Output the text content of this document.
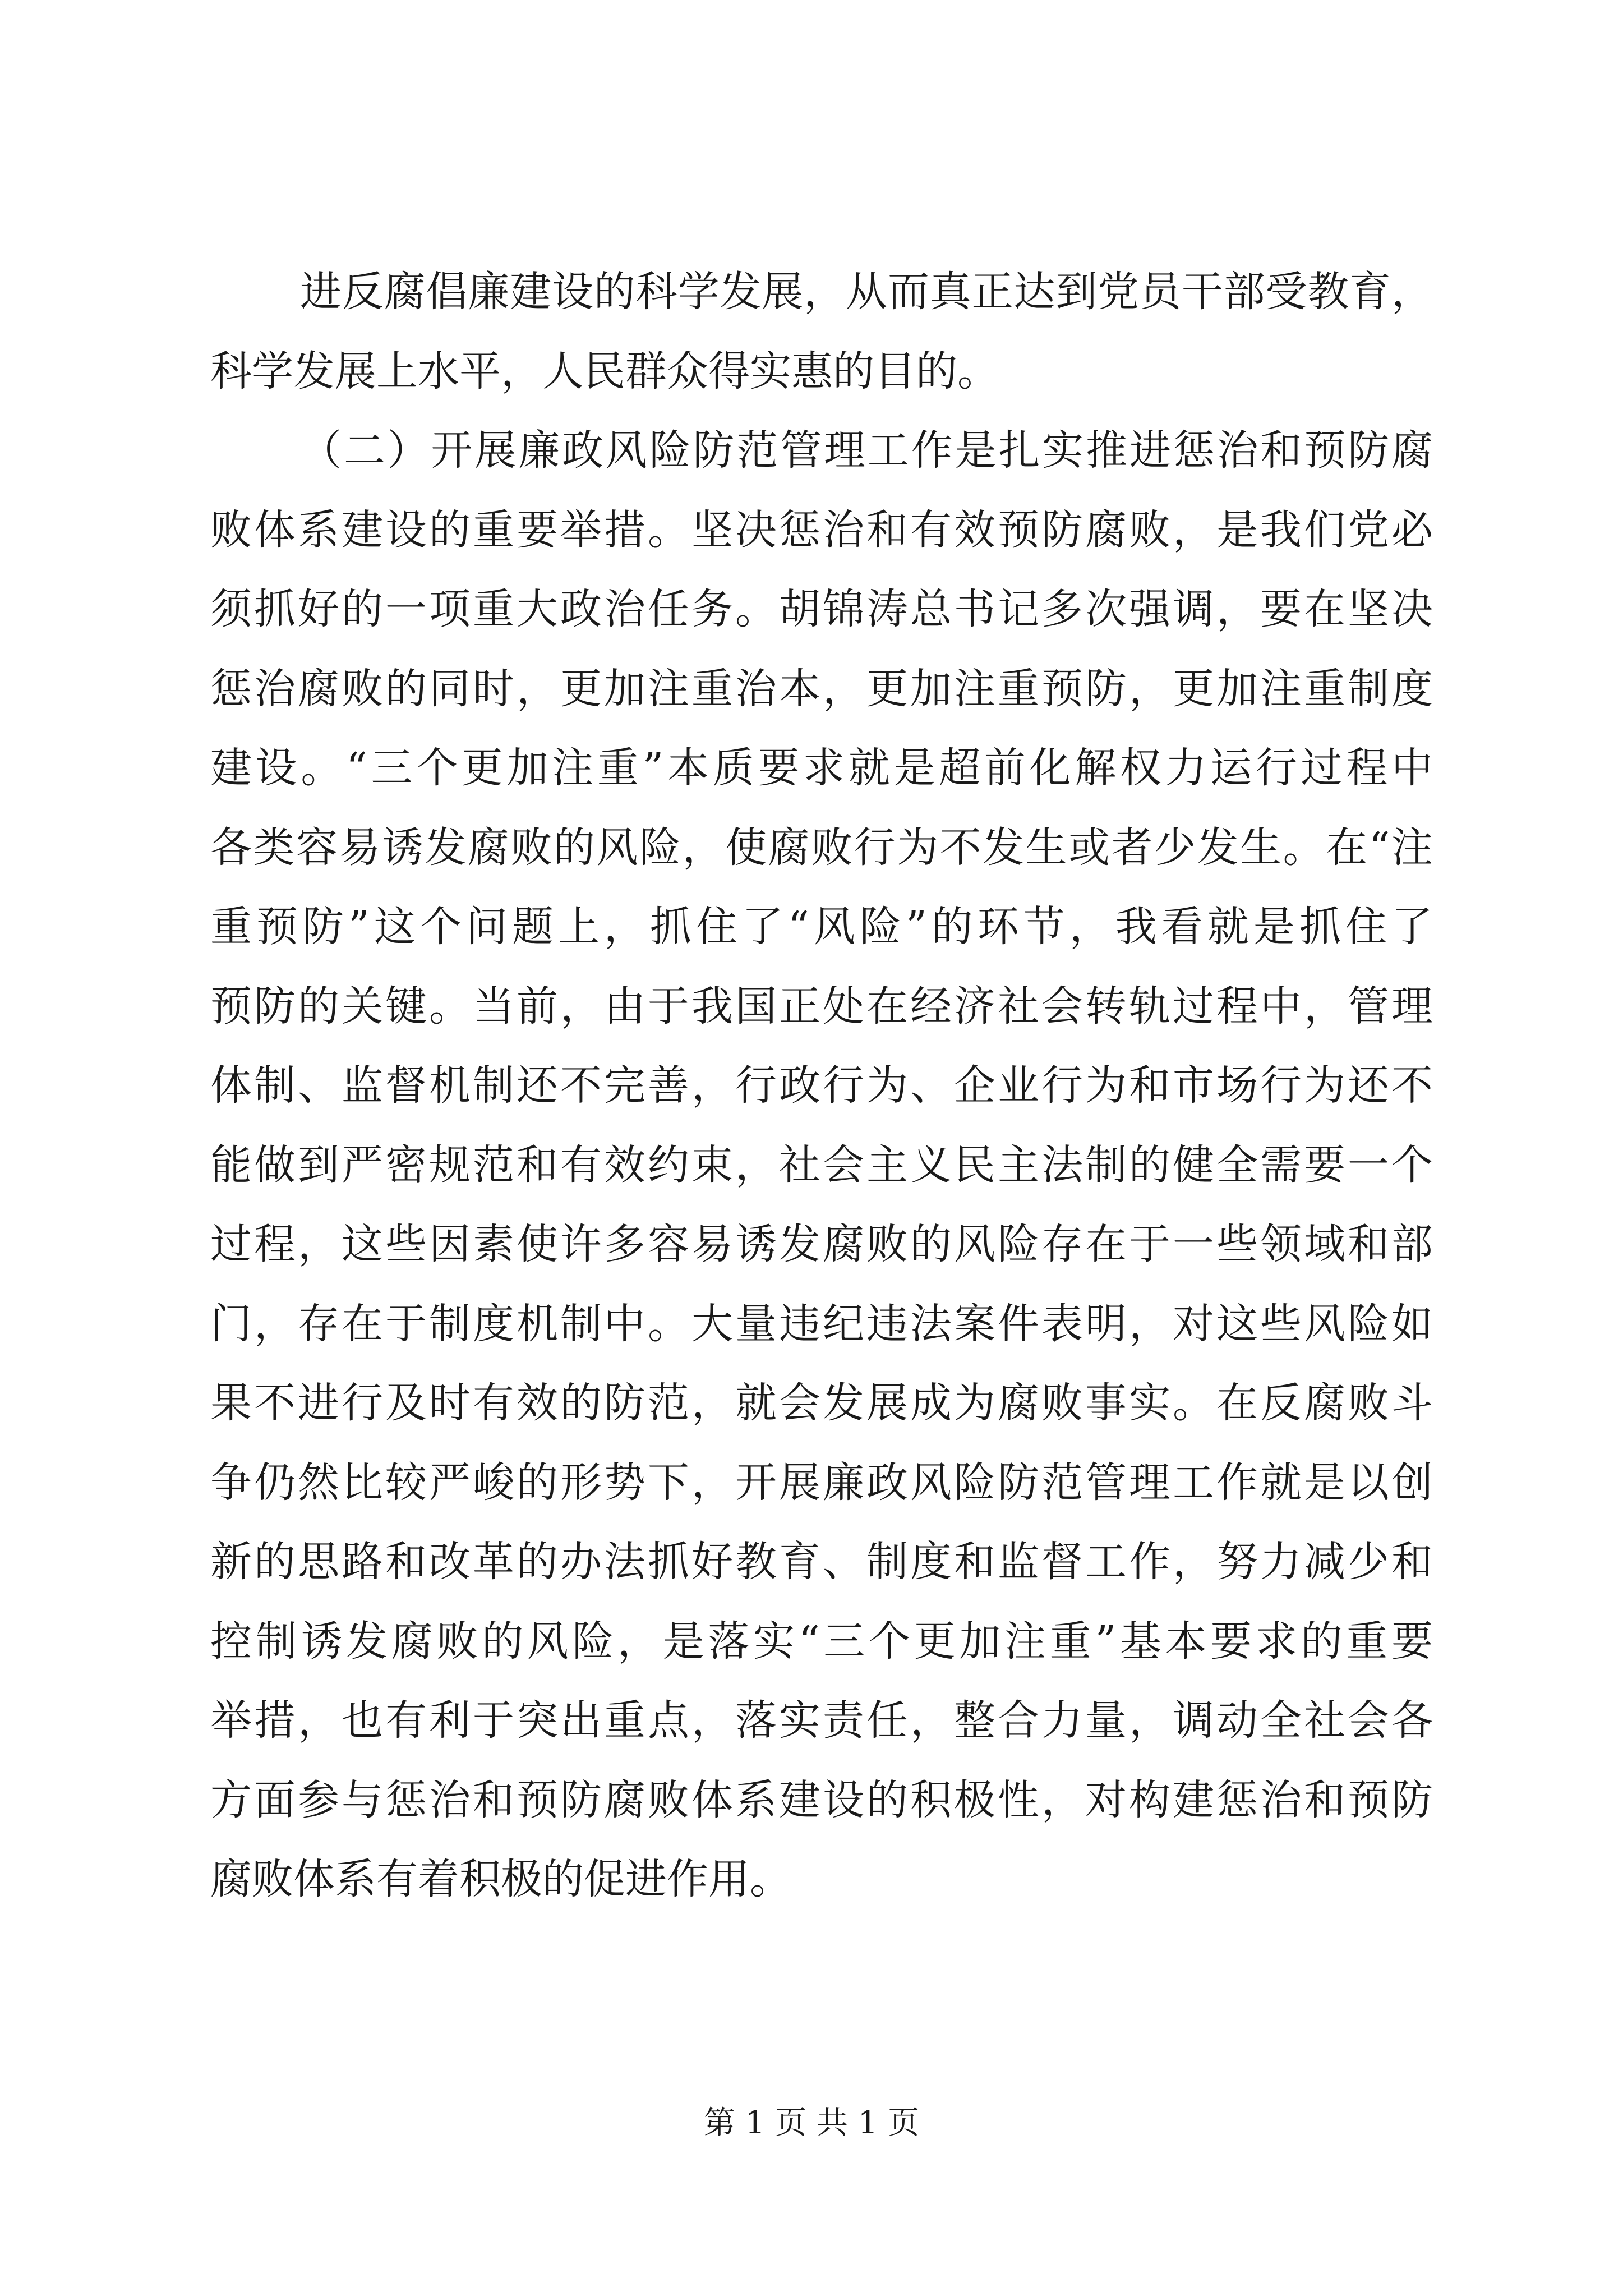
进反腐倡廉建设的科学发展，从而真正达到党员干部受教育，
科学发展上水平，人民群众得实惠的目的。
（二）开展廉政风险防范管理工作是扎实推进惩治和预防腐
败体系建设的重要举措。坚决惩治和有效预防腐败，是我们党必
须抓好的一项重大政治任务。胡锦涛总书记多次强调，要在坚决
惩治腐败的同时，更加注重治本，更加注重预防，更加注重制度
建设。“三个更加注重”本质要求就是超前化解权力运行过程中
各类容易诱发腐败的风险，使腐败行为不发生或者少发生。在“注
重预防”这个问题上，抓住了“风险”的环节，我看就是抓住了
预防的关键。当前，由于我国正处在经济社会转轨过程中，管理
体制、监督机制还不完善，行政行为、企业行为和市场行为还不
能做到严密规范和有效约束，社会主义民主法制的健全需要一个
过程，这些因素使许多容易诱发腐败的风险存在于一些领域和部
门，存在于制度机制中。大量违纪违法案件表明，对这些风险如
果不进行及时有效的防范，就会发展成为腐败事实。在反腐败斗
争仍然比较严峻的形势下，开展廉政风险防范管理工作就是以创
新的思路和改革的办法抓好教育、制度和监督工作，努力减少和
控制诱发腐败的风险，是落实“三个更加注重”基本要求的重要
举措，也有利于突出重点，落实责任，整合力量，调动全社会各
方面参与惩治和预防腐败体系建设的积极性，对构建惩治和预防
腐败体系有着积极的促进作用。
第 1 页 共 1 页
